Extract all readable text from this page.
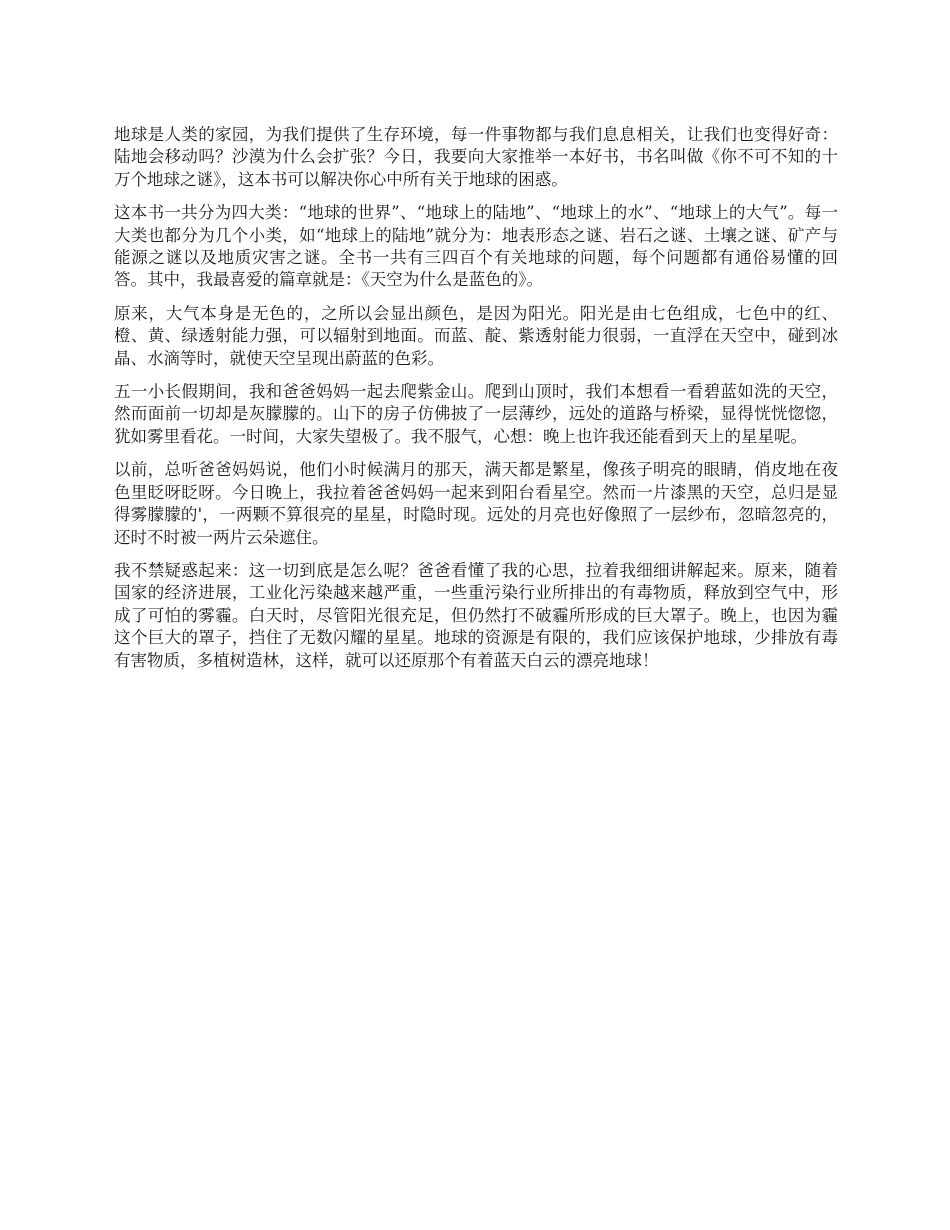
地球是人类的家园，为我们提供了生存环境，每一件事物都与我们息息相关，让我们也变得好奇：陆地会移动吗？沙漠为什么会扩张？今日，我要向大家推举一本好书，书名叫做《你不可不知的十万个地球之谜》，这本书可以解决你心中所有关于地球的困惑。

这本书一共分为四大类：“地球的世界”、“地球上的陆地”、“地球上的水”、“地球上的大气”。每一大类也都分为几个小类，如“地球上的陆地”就分为：地表形态之谜、岩石之谜、土壤之谜、矿产与能源之谜以及地质灾害之谜。全书一共有三四百个有关地球的问题，每个问题都有通俗易懂的回答。其中，我最喜爱的篇章就是：《天空为什么是蓝色的》。

原来，大气本身是无色的，之所以会显出颜色，是因为阳光。阳光是由七色组成，七色中的红、橙、黄、绿透射能力强，可以辐射到地面。而蓝、靛、紫透射能力很弱，一直浮在天空中，碰到冰晶、水滴等时，就使天空呈现出蔚蓝的色彩。

五一小长假期间，我和爸爸妈妈一起去爬紫金山。爬到山顶时，我们本想看一看碧蓝如洗的天空，然而面前一切却是灰朦朦的。山下的房子仿佛披了一层薄纱，远处的道路与桥梁，显得恍恍惚惚，犹如雾里看花。一时间，大家失望极了。我不服气，心想：晚上也许我还能看到天上的星星呢。

以前，总听爸爸妈妈说，他们小时候满月的那天，满天都是繁星，像孩子明亮的眼睛，俏皮地在夜色里眨呀眨呀。今日晚上，我拉着爸爸妈妈一起来到阳台看星空。然而一片漆黑的天空，总归是显得雾朦朦的'，一两颗不算很亮的星星，时隐时现。远处的月亮也好像照了一层纱布，忽暗忽亮的，还时不时被一两片云朵遮住。

我不禁疑惑起来：这一切到底是怎么呢？爸爸看懂了我的心思，拉着我细细讲解起来。原来，随着国家的经济进展，工业化污染越来越严重，一些重污染行业所排出的有毒物质，释放到空气中，形成了可怕的雾霾。白天时，尽管阳光很充足，但仍然打不破霾所形成的巨大罩子。晚上，也因为霾这个巨大的罩子，挡住了无数闪耀的星星。地球的资源是有限的，我们应该保护地球，少排放有毒有害物质，多植树造林，这样，就可以还原那个有着蓝天白云的漂亮地球！
